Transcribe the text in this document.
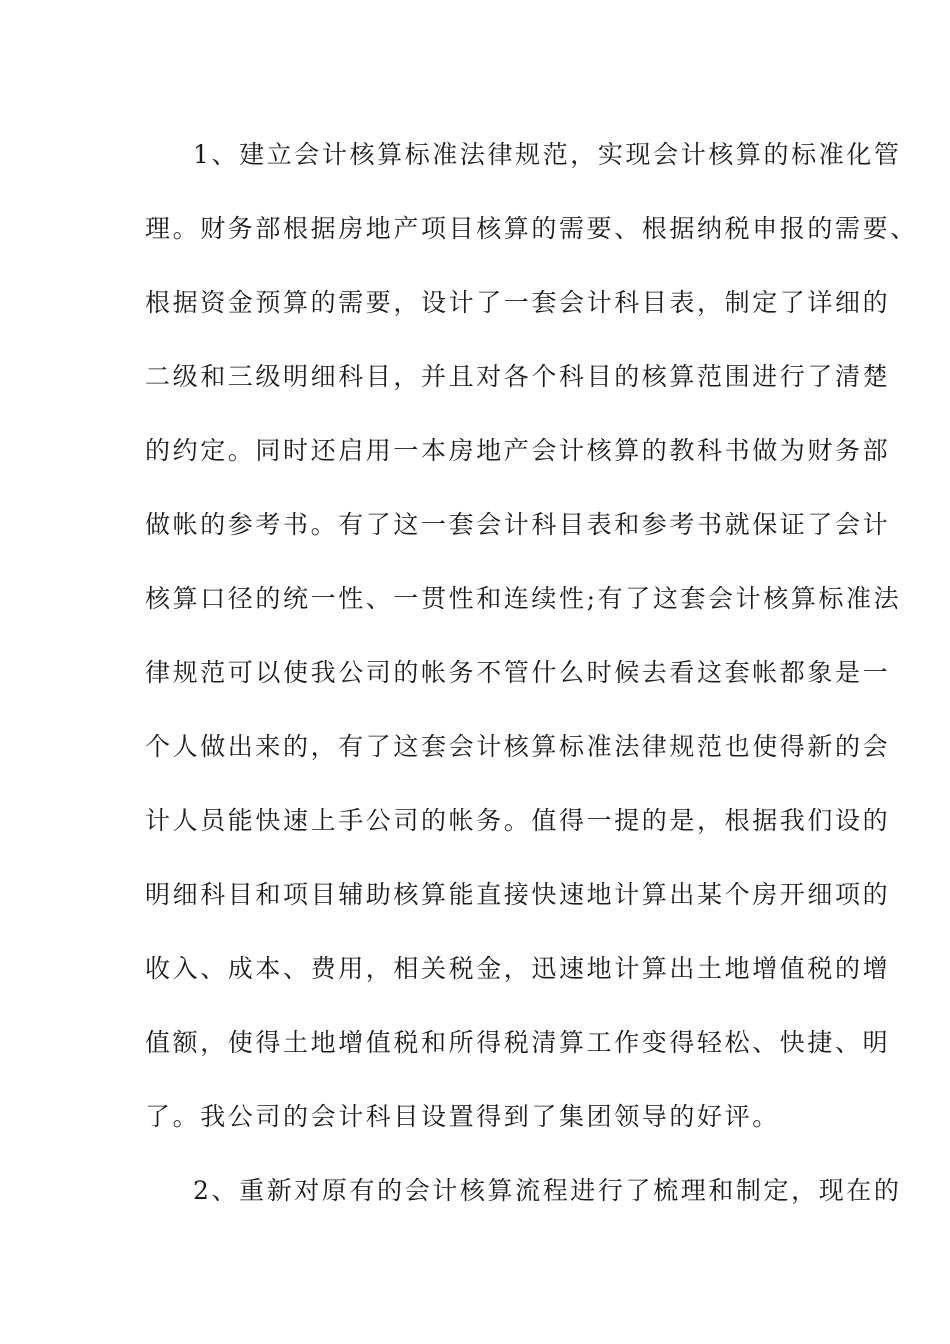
1、建立会计核算标准法律规范，实现会计核算的标准化管
理。财务部根据房地产项目核算的需要、根据纳税申报的需要、
根据资金预算的需要，设计了一套会计科目表，制定了详细的
二级和三级明细科目，并且对各个科目的核算范围进行了清楚
的约定。同时还启用一本房地产会计核算的教科书做为财务部
做帐的参考书。有了这一套会计科目表和参考书就保证了会计
核算口径的统一性、一贯性和连续性;有了这套会计核算标准法
律规范可以使我公司的帐务不管什么时候去看这套帐都象是一
个人做出来的，有了这套会计核算标准法律规范也使得新的会
计人员能快速上手公司的帐务。值得一提的是，根据我们设的
明细科目和项目辅助核算能直接快速地计算出某个房开细项的
收入、成本、费用，相关税金，迅速地计算出土地增值税的增
值额，使得土地增值税和所得税清算工作变得轻松、快捷、明
了。我公司的会计科目设置得到了集团领导的好评。
2、重新对原有的会计核算流程进行了梳理和制定，现在的
